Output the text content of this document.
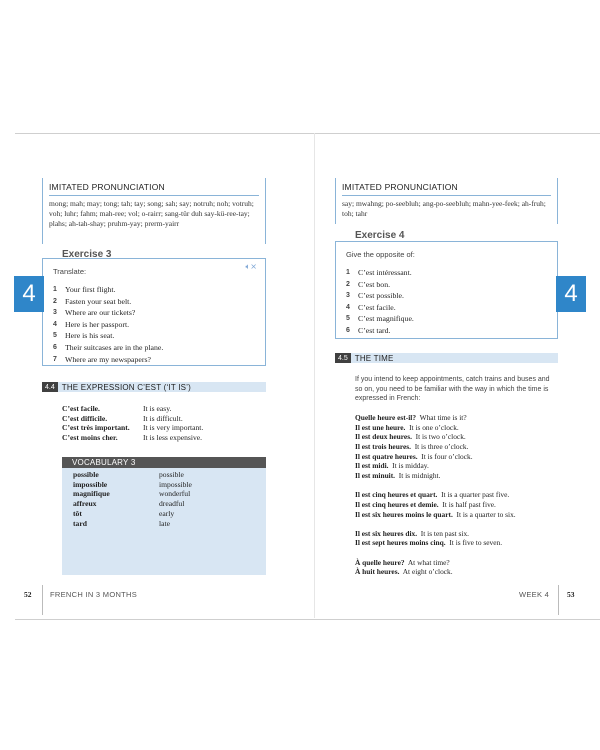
IMITATED PRONUNCIATION
mong; mah; may; tong; tah; tay; song; sah; say; notruh; noh; votruh; voh; luhr; fahm; mah-ree; vol; o-rairr; sang-tür duh say-kü-ree-tay; plahs; ah-tah-shay; pruhm-yay; prerm-yairr
Exercise 3
🔈︎×
Translate:
1	Your first flight.
2	Fasten your seat belt.
3	Where are our tickets?
4	Here is her passport.
5	Here is his seat.
6	Their suitcases are in the plane.
7	Where are my newspapers?
4
4.4 THE EXPRESSION C’EST (‘IT IS’)
C’est facile.	It is easy.
C’est difficile.	It is difficult.
C’est très important.	It is very important.
C’est moins cher.	It is less expensive.
VOCABULARY 3
possible	possible
impossible	impossible
magnifique	wonderful
affreux	dreadful
tôt	early
tard	late
52 FRENCH IN 3 MONTHS
IMITATED PRONUNCIATION
say; mwahng; po-seebluh; ang-po-seebluh; mahn-yee-feek; ah-fruh; toh; tahr
Exercise 4
Give the opposite of:
1	C’est intéressant.
2	C’est bon.
3	C’est possible.
4	C’est facile.
5	C’est magnifique.
6	C’est tard.
4
4.5 THE TIME
If you intend to keep appointments, catch trains and buses and so on, you need to be familiar with the way in which the time is expressed in French:
Quelle heure est-il? What time is it?
Il est une heure. It is one o’clock.
Il est deux heures. It is two o’clock.
Il est trois heures. It is three o’clock.
Il est quatre heures. It is four o’clock.
Il est midi. It is midday.
Il est minuit. It is midnight.
Il est cinq heures et quart. It is a quarter past five.
Il est cinq heures et demie. It is half past five.
Il est six heures moins le quart. It is a quarter to six.
Il est six heures dix. It is ten past six.
Il est sept heures moins cinq. It is five to seven.
À quelle heure? At what time?
À huit heures. At eight o’clock.
WEEK 4 53
